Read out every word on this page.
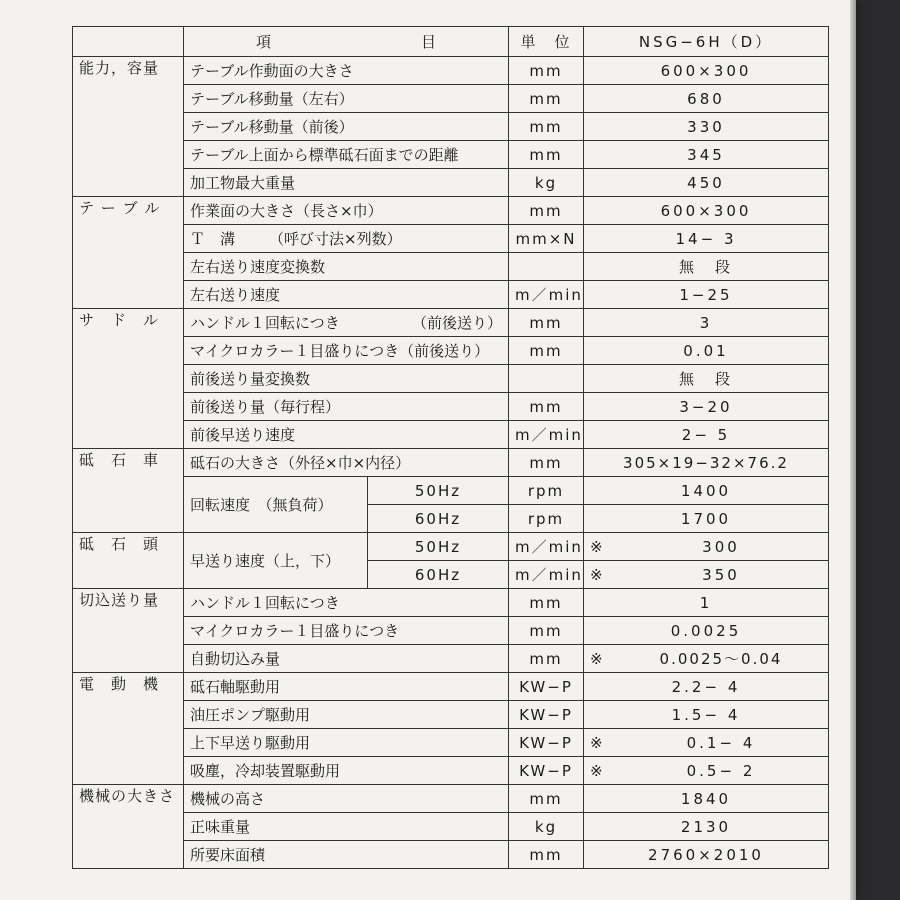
	項 目		単　位	NSG−6H（D）
能力，容量	テーブル作動面の大きさ		mm	600×300
	テーブル移動量（左右）		mm	680
	テーブル移動量（前後）		mm	330
	テーブル上面から標準砥石面までの距離		mm	345
	加工物最大重量		kg	450
テ ー ブ ル	作業面の大きさ（長さ×巾）		mm	600×300
	Ｔ　溝 （呼び寸法×列数）		mm×N	14− 3
	左右送り速度変換数			無　段
	左右送り速度		m／min	1−25
サ　ド　ル	ハンドル１回転につき （前後送り）		mm	3
	マイクロカラー１目盛りにつき（前後送り）		mm	0.01
	前後送り量変換数			無　段
	前後送り量（毎行程）		mm	3−20
	前後早送り速度		m／min	2− 5
砥　石　車	砥石の大きさ（外径×巾×内径）		mm	305×19−32×76.2
	回転速度　（無負荷）	50Hz	rpm	1400
		60Hz	rpm	1700
砥　石　頭	早送り速度（上，下）	50Hz	m／min	※ 300

		60Hz	m／min	※ 350

切込送り量	ハンドル１回転につき		mm	1
	マイクロカラー１目盛りにつき		mm	0.0025
	自動切込み量		mm	※ 0.0025〜0.04

電　動　機	砥石軸駆動用		KW−P	2.2− 4
	油圧ポンプ駆動用		KW−P	1.5− 4
	上下早送り駆動用		KW−P	※ 0.1− 4

	吸塵，冷却装置駆動用		KW−P	※ 0.5− 2

機械の大きさ	機械の高さ		mm	1840
	正味重量		kg	2130
	所要床面積		mm	2760×2010
